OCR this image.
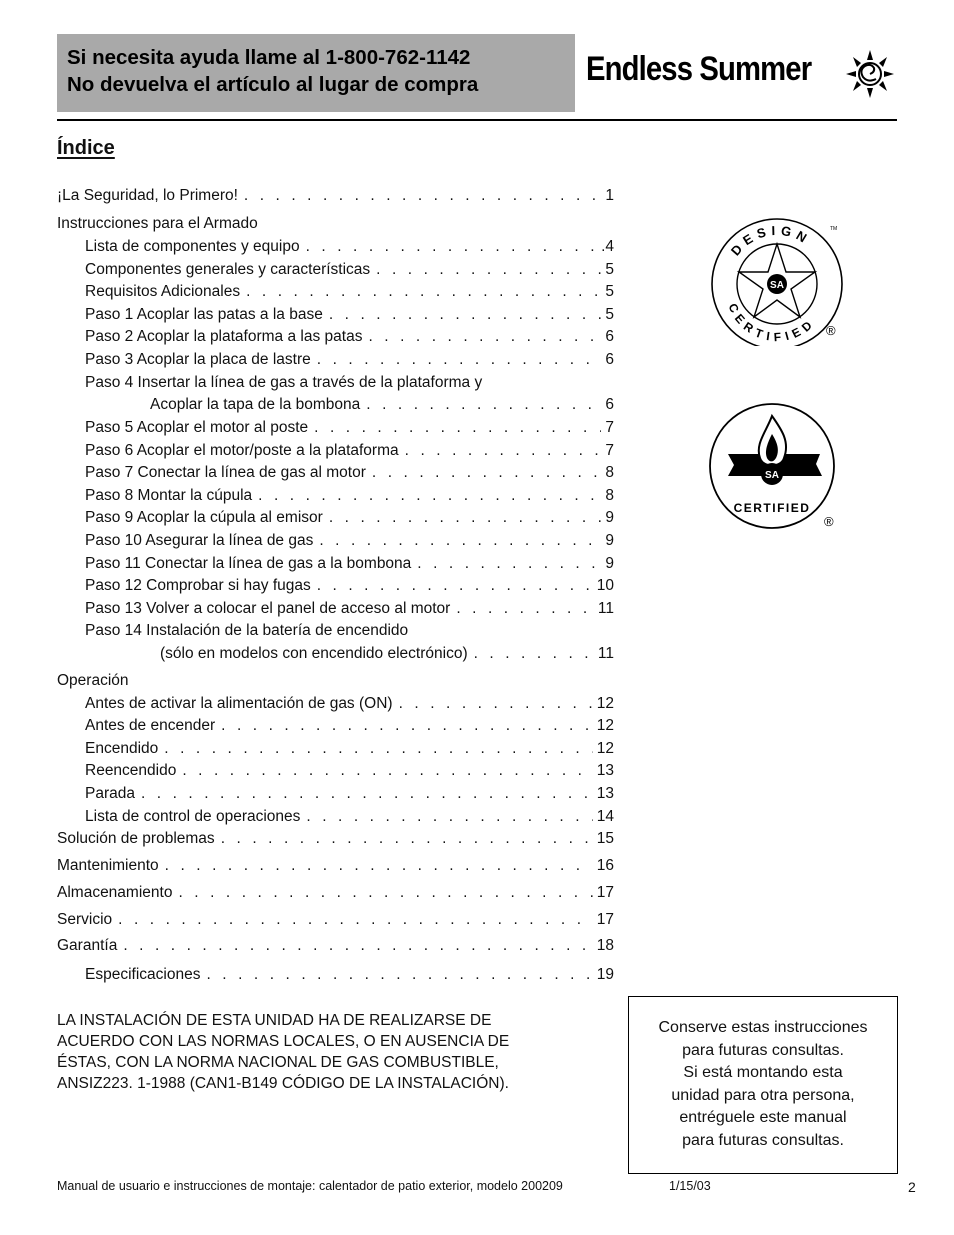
Si necesita ayuda llame al 1-800-762-1142
No devuelva el artículo al lugar de compra	Endless Summer
Índice
¡La Seguridad, lo Primero! . . .	1
Instrucciones para el Armado
Lista de componentes y equipo . . .	.4
Componentes generales y características . . .	5
Requisitos Adicionales . . .	5
Paso 1 Acoplar las patas a la base . . .	5
Paso 2 Acoplar la plataforma a las patas . . .	6
Paso 3 Acoplar la placa de lastre . . .	6
Paso 4 Insertar la línea de gas a través de la plataforma y
Acoplar la tapa de la bombona . . .	6
Paso 5 Acoplar el motor al poste . . .	7
Paso 6 Acoplar el motor/poste a la plataforma . . .	7
Paso 7 Conectar la línea de gas al motor . . .	8
Paso 8 Montar la cúpula . . .	8
Paso 9 Acoplar la cúpula al emisor . . .	9
Paso 10 Asegurar la línea de gas . . .	9
Paso 11 Conectar la línea de gas a la bombona . . .	9
Paso 12 Comprobar si hay fugas . . .	10
Paso 13 Volver a colocar el panel de acceso al motor . . .	11
Paso 14 Instalación de la batería de encendido
(sólo en modelos con encendido electrónico) . . .	11
Operación
Antes de activar la alimentación de gas (ON) . . .	12
Antes de encender . . .	12
Encendido . . .	12
Reencendido . . .	13
Parada . . .	13
Lista de control de operaciones . . .	14
Solución de problemas . . .	15
Mantenimiento . . .	16
Almacenamiento . . .	17
Servicio . . .	17
Garantía . . .	18
Especificaciones . . .	19
SA
DESIGN
CERTIFIED ®
TM
SA
CERTIFIED
®
LA INSTALACIÓN DE ESTA UNIDAD HA DE REALIZARSE DE
ACUERDO CON LAS NORMAS LOCALES, O EN AUSENCIA DE
ÉSTAS, CON LA NORMA NACIONAL DE GAS COMBUSTIBLE,
ANSIZ223. 1-1988 (CAN1-B149 CÓDIGO DE LA INSTALACIÓN).
Conserve estas instrucciones
para futuras consultas.
Si está montando esta
unidad para otra persona,
entréguele este manual
para futuras consultas.
Manual de usuario e instrucciones de montaje: calentador de patio exterior, modelo 200209	1/15/03	2
